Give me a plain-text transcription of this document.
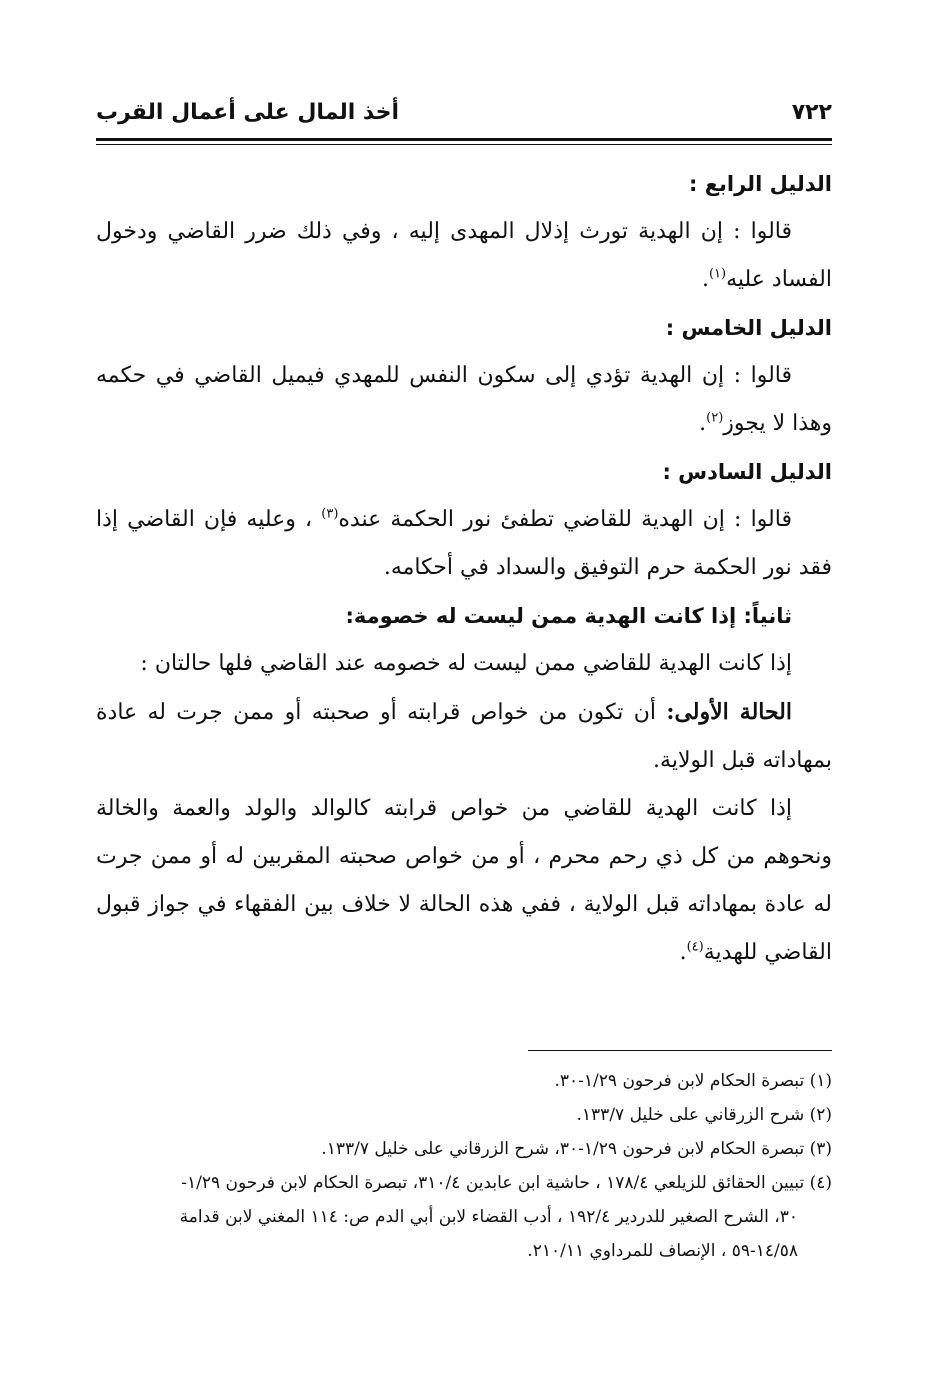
٧٢٢
أخذ المال على أعمال القرب

الدليل الرابع :

قالوا : إن الهدية تورث إذلال المهدى إليه ، وفي ذلك ضرر القاضي ودخول الفساد عليه$^{(١)}$.

الدليل الخامس :

قالوا : إن الهدية تؤدي إلى سكون النفس للمهدي فيميل القاضي في حكمه وهذا لا يجوز$^{(٢)}$.

الدليل السادس :

قالوا : إن الهدية للقاضي تطفئ نور الحكمة عنده$^{(٣)}$ ، وعليه فإن القاضي إذا فقد نور الحكمة حرم التوفيق والسداد في أحكامه.

ثانياً: إذا كانت الهدية ممن ليست له خصومة:

إذا كانت الهدية للقاضي ممن ليست له خصومه عند القاضي فلها حالتان :

الحالة الأولى: أن تكون من خواص قرابته أو صحبته أو ممن جرت له عادة بمهاداته قبل الولاية.

إذا كانت الهدية للقاضي من خواص قرابته كالوالد والولد والعمة والخالة ونحوهم من كل ذي رحم محرم ، أو من خواص صحبته المقربين له أو ممن جرت له عادة بمهاداته قبل الولاية ، ففي هذه الحالة لا خلاف بين الفقهاء في جواز قبول القاضي للهدية$^{(٤)}$.

(١) تبصرة الحكام لابن فرحون ١/٢٩-٣٠.

(٢) شرح الزرقاني على خليل ١٣٣/٧.

(٣) تبصرة الحكام لابن فرحون ١/٢٩-٣٠، شرح الزرقاني على خليل ١٣٣/٧.

(٤) تبيين الحقائق للزيلعي ١٧٨/٤ ، حاشية ابن عابدين ٣١٠/٤، تبصرة الحكام لابن فرحون ١/٢٩-

٣٠، الشرح الصغير للدردير ١٩٢/٤ ، أدب القضاء لابن أبي الدم ص: ١١٤ المغني لابن قدامة

١٤/٥٨-٥٩ ، الإنصاف للمرداوي ٢١٠/١١.
